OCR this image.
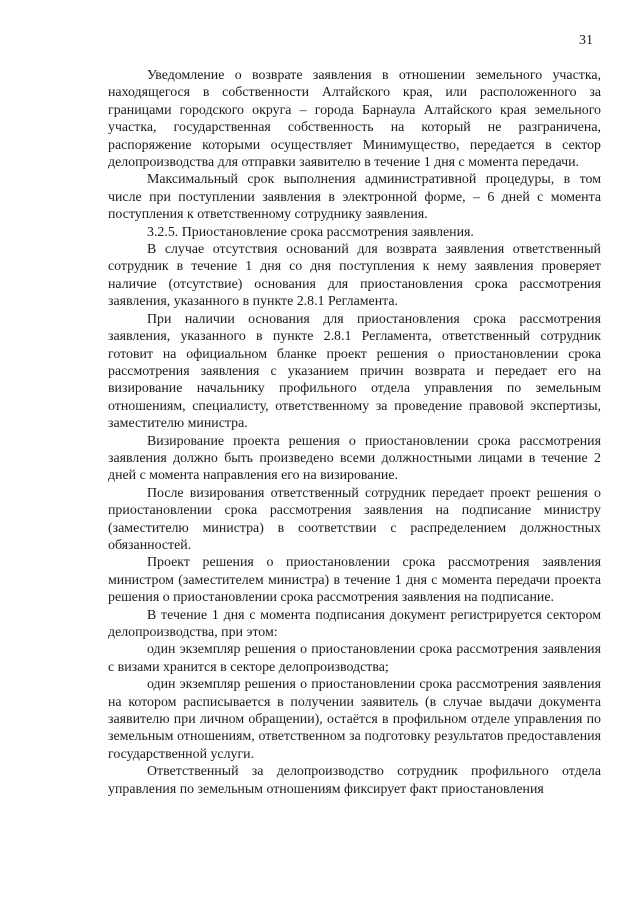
31

Уведомление о возврате заявления в отношении земельного участка, находящегося в собственности Алтайского края, или расположенного за границами городского округа – города Барнаула Алтайского края земельного участка, государственная собственность на который не разграничена, распоряжение которыми осуществляет Минимущество, передается в сектор делопроизводства для отправки заявителю в течение 1 дня с момента передачи.

Максимальный срок выполнения административной процедуры, в том числе при поступлении заявления в электронной форме, – 6 дней с момента поступления к ответственному сотруднику заявления.

3.2.5. Приостановление срока рассмотрения заявления.

В случае отсутствия оснований для возврата заявления ответственный сотрудник в течение 1 дня со дня поступления к нему заявления проверяет наличие (отсутствие) основания для приостановления срока рассмотрения заявления, указанного в пункте 2.8.1 Регламента.

При наличии основания для приостановления срока рассмотрения заявления, указанного в пункте 2.8.1 Регламента, ответственный сотрудник готовит на официальном бланке проект решения о приостановлении срока рассмотрения заявления с указанием причин возврата и передает его на визирование начальнику профильного отдела управления по земельным отношениям, специалисту, ответственному за проведение правовой экспертизы, заместителю министра.

Визирование проекта решения о приостановлении срока рассмотрения заявления должно быть произведено всеми должностными лицами в течение 2 дней с момента направления его на визирование.

После визирования ответственный сотрудник передает проект решения о приостановлении срока рассмотрения заявления на подписание министру (заместителю министра) в соответствии с распределением должностных обязанностей.

Проект решения о приостановлении срока рассмотрения заявления министром (заместителем министра) в течение 1 дня с момента передачи проекта решения о приостановлении срока рассмотрения заявления на подписание.

В течение 1 дня с момента подписания документ регистрируется сектором делопроизводства, при этом:

один экземпляр решения о приостановлении срока рассмотрения заявления с визами хранится в секторе делопроизводства;

один экземпляр решения о приостановлении срока рассмотрения заявления на котором расписывается в получении заявитель (в случае выдачи документа заявителю при личном обращении), остаётся в профильном отделе управления по земельным отношениям, ответственном за подготовку результатов предоставления государственной услуги.

Ответственный за делопроизводство сотрудник профильного отдела управления по земельным отношениям фиксирует факт приостановления
